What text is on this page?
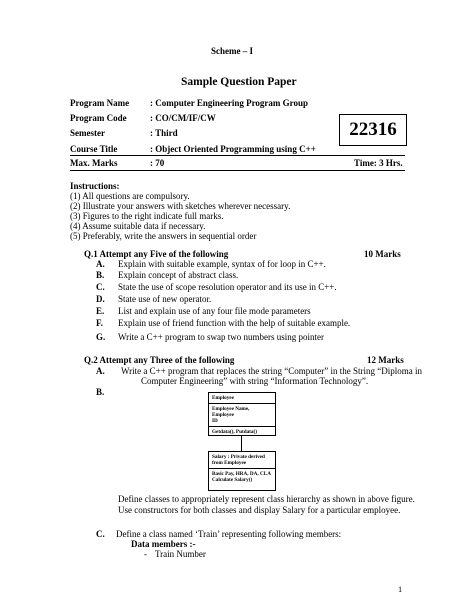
Scheme – I
Sample Question Paper
Program Name : Computer Engineering Program Group
Program Code	: CO/CM/IF/CW
Semester	: Third
Course Title	: Object Oriented Programming using C++
22316
Max. Marks	: 70	Time: 3 Hrs.
Instructions:
(1) All questions are compulsory.
(2) Illustrate your answers with sketches wherever necessary.
(3) Figures to the right indicate full marks.
(4) Assume suitable data if necessary.
(5) Preferably, write the answers in sequential order
Q.1 Attempt any Five of the following	10 Marks
A. Explain with suitable example, syntax of for loop in C++.
B. Explain concept of abstract class.
C. State the use of scope resolution operator and its use in C++.
D. State use of new operator.
E. List and explain use of any four file mode parameters
F. Explain use of friend function with the help of suitable example.
G. Write a C++ program to swap two numbers using pointer
Q.2 Attempt any Three of the following	12 Marks
A. Write a C++ program that replaces the string “Computer” in the String “Diploma in
Computer Engineering” with string “Information Technology”.
B.
Employee
Employee Name, Employee
ID
Getdata(), Putdata()
Salary : Private derived
from Employee
Basic Pay, HRA, DA, CLA
Calculate Salary()
Define classes to appropriately represent class hierarchy as shown in above figure.
Use constructors for both classes and display Salary for a particular employee.
C. Define a class named ‘Train’ representing following members:
Data members :-
- Train Number
1
